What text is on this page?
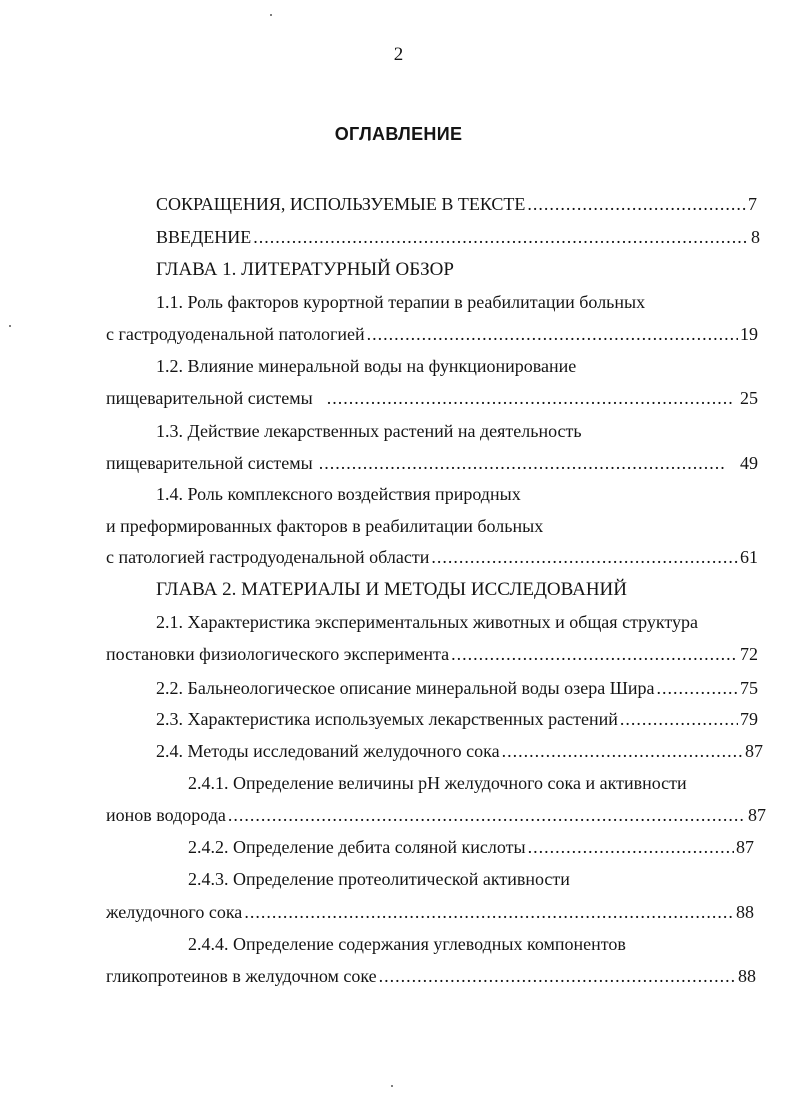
2
ОГЛАВЛЕНИЕ
СОКРАЩЕНИЯ, ИСПОЛЬЗУЕМЫЕ В ТЕКСТЕ .....	7
ВВЕДЕНИЕ .....	8
ГЛАВА 1. ЛИТЕРАТУРНЫЙ ОБЗОР
1.1. Роль факторов курортной терапии в реабилитации больных
с гастродуоденальной патологией .....	19
1.2. Влияние минеральной воды на функционирование
пищеварительной системы .....	25
1.3. Действие лекарственных растений на деятельность
пищеварительной системы .....	49
1.4. Роль комплексного воздействия природных
и преформированных факторов в реабилитации больных
с патологией гастродуоденальной области .....	61
ГЛАВА 2. МАТЕРИАЛЫ И МЕТОДЫ ИССЛЕДОВАНИЙ
2.1. Характеристика экспериментальных животных и общая структура
постановки физиологического эксперимента .....	72
2.2. Бальнеологическое описание минеральной воды озера Шира .....	75
2.3. Характеристика используемых лекарственных растений .....	79
2.4. Методы исследований желудочного сока .....	87
2.4.1. Определение величины рН желудочного сока и активности
ионов водорода .....	87
2.4.2. Определение дебита соляной кислоты .....	87
2.4.3. Определение протеолитической активности
желудочного сока .....	88
2.4.4. Определение содержания углеводных компонентов
гликопротеинов в желудочном соке .....	88
